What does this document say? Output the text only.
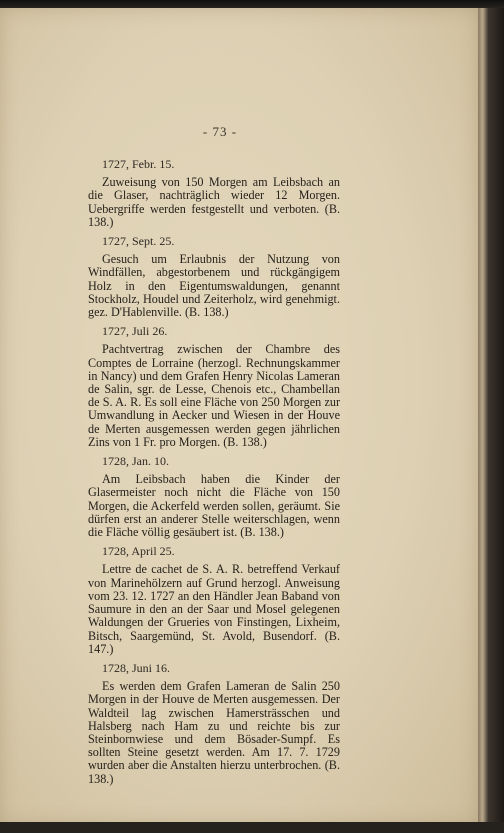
- 73 -

1727, Febr. 15.

Zuweisung von 150 Morgen am Leibsbach an die Glaser, nachträglich wieder 12 Morgen. Uebergriffe werden festgestellt und verboten. (B. 138.)

1727, Sept. 25.

Gesuch um Erlaubnis der Nutzung von Windfällen, abgestorbenem und rückgängigem Holz in den Eigentumswaldungen, genannt Stockholz, Houdel und Zeiterholz, wird genehmigt. gez. D'Hablenville. (B. 138.)

1727, Juli 26.

Pachtvertrag zwischen der Chambre des Comptes de Lorraine (herzogl. Rechnungskammer in Nancy) und dem Grafen Henry Nicolas Lameran de Salin, sgr. de Lesse, Chenois etc., Chambellan de S. A. R. Es soll eine Fläche von 250 Morgen zur Umwandlung in Aecker und Wiesen in der Houve de Merten ausgemessen werden gegen jährlichen Zins von 1 Fr. pro Morgen. (B. 138.)

1728, Jan. 10.

Am Leibsbach haben die Kinder der Glasermeister noch nicht die Fläche von 150 Morgen, die Ackerfeld werden sollen, geräumt. Sie dürfen erst an anderer Stelle weiterschlagen, wenn die Fläche völlig gesäubert ist. (B. 138.)

1728, April 25.

Lettre de cachet de S. A. R. betreffend Verkauf von Marinehölzern auf Grund herzogl. Anweisung vom 23. 12. 1727 an den Händler Jean Baband von Saumure in den an der Saar und Mosel gelegenen Waldungen der Grueries von Finstingen, Lixheim, Bitsch, Saargemünd, St. Avold, Busendorf. (B. 147.)

1728, Juni 16.

Es werden dem Grafen Lameran de Salin 250 Morgen in der Houve de Merten ausgemessen. Der Waldteil lag zwischen Hamersträsschen und Halsberg nach Ham zu und reichte bis zur Steinbornwiese und dem Bösader-Sumpf. Es sollten Steine gesetzt werden. Am 17. 7. 1729 wurden aber die Anstalten hierzu unterbrochen. (B. 138.)
